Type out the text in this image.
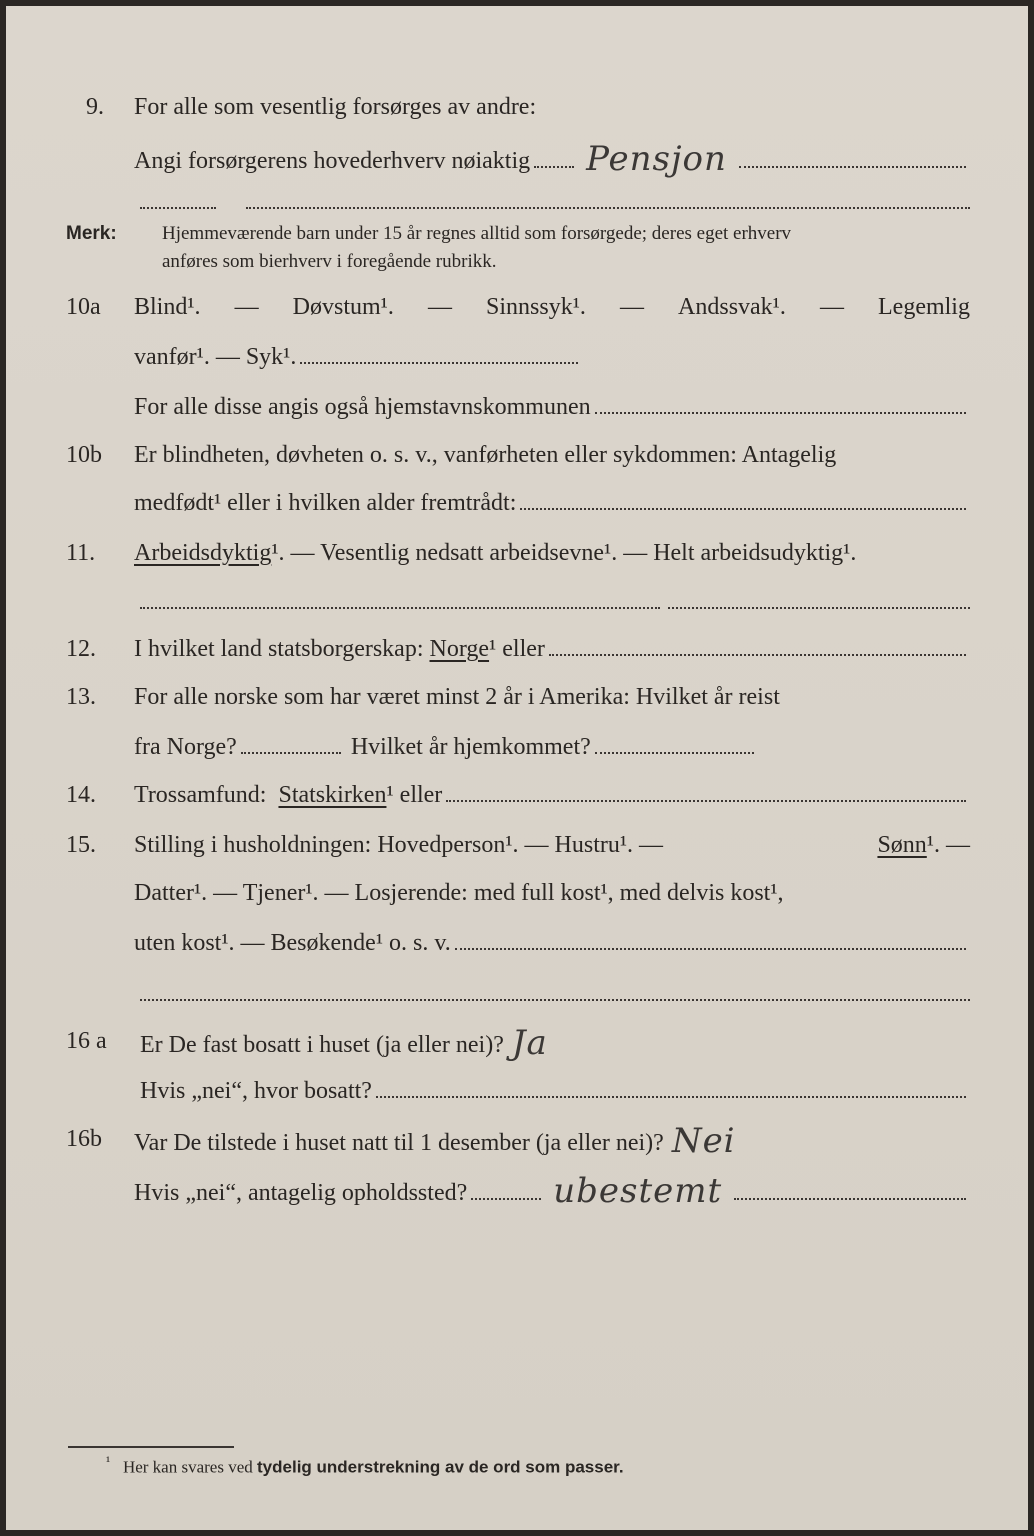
9. For alle som vesentlig forsørges av andre:
Angi forsørgerens hovederhverv nøiaktig Pensjon
Merk: Hjemmeværende barn under 15 år regnes alltid som forsørgede; deres eget erhverv
anføres som bierhverv i foregående rubrikk.
10a Blind¹. — Døvstum¹. — Sinnssyk¹. — Andssvak¹. — Legemlig
vanfør¹. — Syk¹.
For alle disse angis også hjemstavnskommunen
10b Er blindheten, døvheten o. s. v., vanførheten eller sykdommen: Antagelig
medfødt¹ eller i hvilken alder fremtrådt:
11. Arbeidsdyktig ¹. — Vesentlig nedsatt arbeidsevne¹. — Helt arbeidsudyktig¹.
12. I hvilket land statsborgerskap:
Norge ¹ eller
13. For alle norske som har været minst 2 år i Amerika: Hvilket år reist
fra Norge?	Hvilket år hjemkommet?
14. Trossamfund:
Statskirken ¹ eller
15. Stilling i husholdningen: Hovedperson¹. — Hustru¹. —	Sønn¹. —
Datter¹. — Tjener¹. — Losjerende: med full kost¹, med delvis kost¹,
uten kost¹. — Besøkende¹ o. s. v.
16 a Er De fast bosatt i huset (ja eller nei)? Ja
Hvis „nei“, hvor bosatt?
16b Var De tilstede i huset natt til 1 desember (ja eller nei)? Nei
Hvis „nei“, antagelig opholdssted?	ubestemt
$^{^1}$ Her kan svares ved tydelig understrekning av de ord som passer.
